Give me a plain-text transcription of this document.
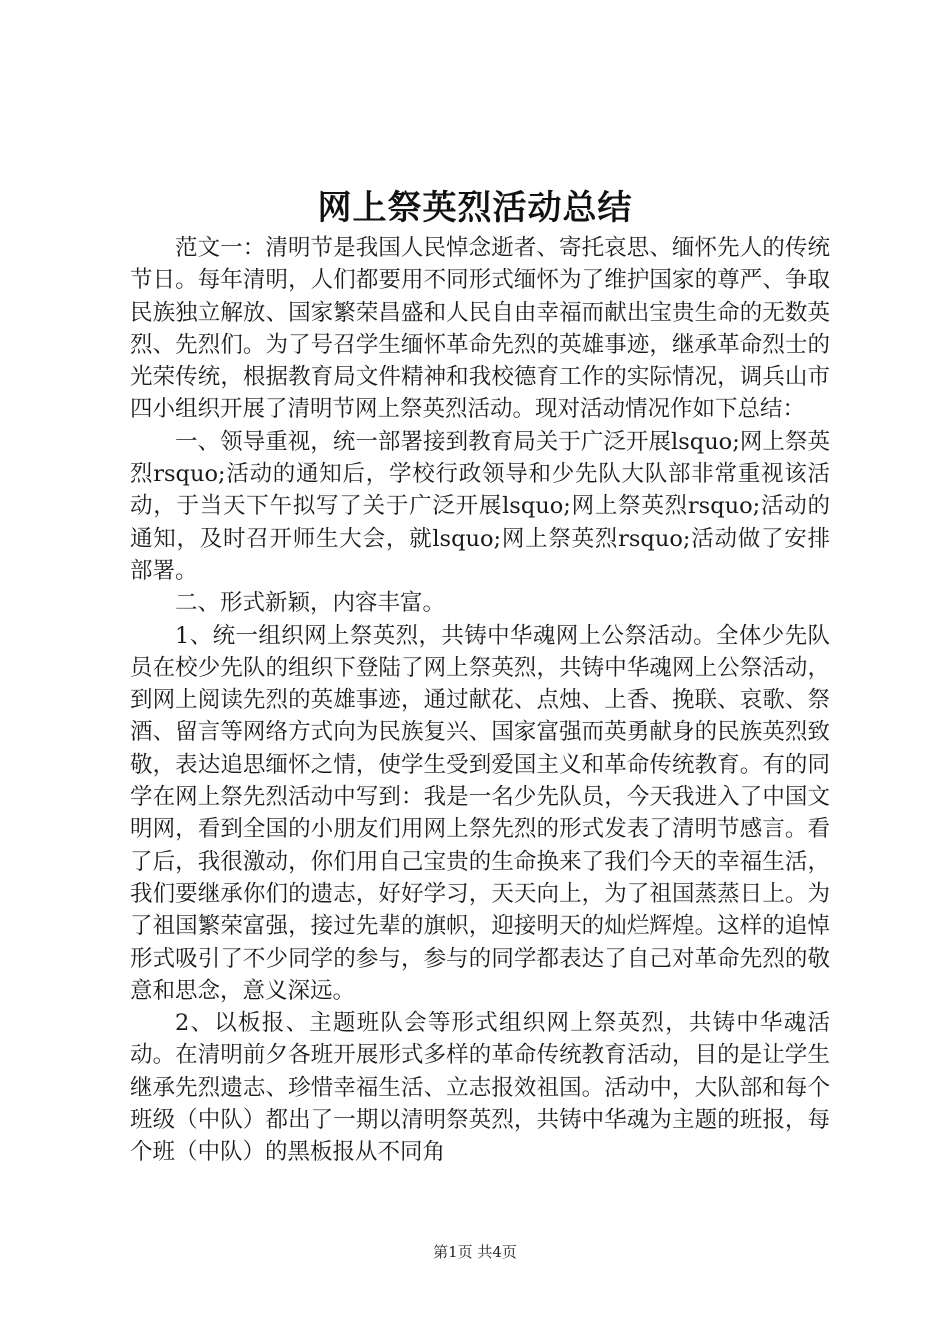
网上祭英烈活动总结

范文一：清明节是我国人民悼念逝者、寄托哀思、缅怀先人的传统节日。每年清明，人们都要用不同形式缅怀为了维护国家的尊严、争取民族独立解放、国家繁荣昌盛和人民自由幸福而献出宝贵生命的无数英烈、先烈们。为了号召学生缅怀革命先烈的英雄事迹，继承革命烈士的光荣传统，根据教育局文件精神和我校德育工作的实际情况，调兵山市四小组织开展了清明节网上祭英烈活动。现对活动情况作如下总结：

一、领导重视，统一部署接到教育局关于广泛开展lsquo;网上祭英烈rsquo;活动的通知后，学校行政领导和少先队大队部非常重视该活动，于当天下午拟写了关于广泛开展lsquo;网上祭英烈rsquo;活动的通知，及时召开师生大会，就lsquo;网上祭英烈rsquo;活动做了安排部署。

二、形式新颖，内容丰富。

1、统一组织网上祭英烈，共铸中华魂网上公祭活动。全体少先队员在校少先队的组织下登陆了网上祭英烈，共铸中华魂网上公祭活动，到网上阅读先烈的英雄事迹，通过献花、点烛、上香、挽联、哀歌、祭酒、留言等网络方式向为民族复兴、国家富强而英勇献身的民族英烈致敬，表达追思缅怀之情，使学生受到爱国主义和革命传统教育。有的同学在网上祭先烈活动中写到：我是一名少先队员，今天我进入了中国文明网，看到全国的小朋友们用网上祭先烈的形式发表了清明节感言。看了后，我很激动，你们用自己宝贵的生命换来了我们今天的幸福生活，我们要继承你们的遗志，好好学习，天天向上，为了祖国蒸蒸日上。为了祖国繁荣富强，接过先辈的旗帜，迎接明天的灿烂辉煌。这样的追悼形式吸引了不少同学的参与，参与的同学都表达了自己对革命先烈的敬意和思念，意义深远。

2、以板报、主题班队会等形式组织网上祭英烈，共铸中华魂活动。在清明前夕各班开展形式多样的革命传统教育活动，目的是让学生继承先烈遗志、珍惜幸福生活、立志报效祖国。活动中，大队部和每个班级（中队）都出了一期以清明祭英烈，共铸中华魂为主题的班报，每个班（中队）的黑板报从不同角

第1页 共4页
